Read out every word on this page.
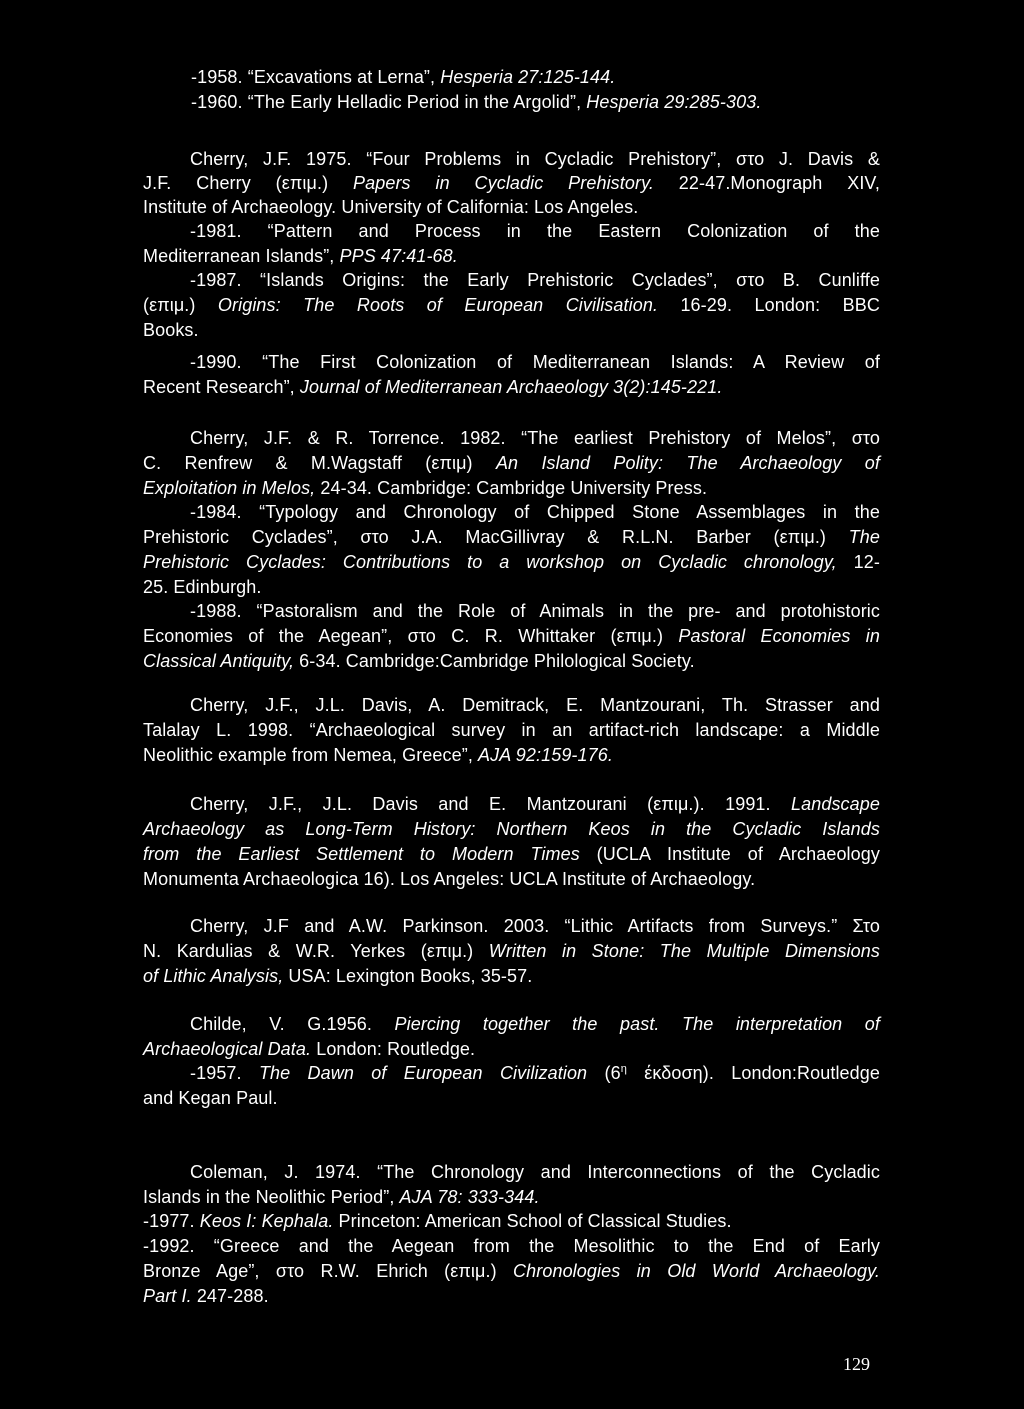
-1958. “Excavations at Lerna”, Hesperia 27:125-144.
-1960. “The Early Helladic Period in the Argolid”, Hesperia 29:285-303.
Cherry, J.F. 1975. “Four Problems in Cycladic Prehistory”, στο J. Davis &
J.F. Cherry (επιμ.) Papers in Cycladic Prehistory. 22-47.Monograph XIV,
Institute of Archaeology. University of California: Los Angeles.
-1981. “Pattern and Process in the Eastern Colonization of the
Mediterranean Islands”, PPS 47:41-68.
-1987. “Islands Origins: the Early Prehistoric Cyclades”, στο B. Cunliffe
(επιμ.) Origins: The Roots of European Civilisation. 16-29. London: BBC
Books.
-1990. “The First Colonization of Mediterranean Islands: A Review of
Recent Research”, Journal of Mediterranean Archaeology 3(2):145-221.
Cherry, J.F. & R. Torrence. 1982. “The earliest Prehistory of Melos”, στο
C. Renfrew & M.Wagstaff (επιμ) An Island Polity: The Archaeology of
Exploitation in Melos, 24-34. Cambridge: Cambridge University Press.
-1984. “Typology and Chronology of Chipped Stone Assemblages in the
Prehistoric Cyclades”, στο J.A. MacGillivray & R.L.N. Barber (επιμ.) The
Prehistoric Cyclades: Contributions to a workshop on Cycladic chronology, 12-
25. Edinburgh.
-1988. “Pastoralism and the Role of Animals in the pre- and protohistoric
Economies of the Aegean”, στο C. R. Whittaker (επιμ.) Pastoral Economies in
Classical Antiquity, 6-34. Cambridge:Cambridge Philological Society.
Cherry, J.F., J.L. Davis, A. Demitrack, E. Mantzourani, Th. Strasser and
Talalay L. 1998. “Archaeological survey in an artifact-rich landscape: a Middle
Neolithic example from Nemea, Greece”, AJA 92:159-176.
Cherry, J.F., J.L. Davis and E. Mantzourani (επιμ.). 1991. Landscape
Archaeology as Long-Term History: Northern Keos in the Cycladic Islands
from the Earliest Settlement to Modern Times (UCLA Institute of Archaeology
Monumenta Archaeologica 16). Los Angeles: UCLA Institute of Archaeology.
Cherry, J.F and A.W. Parkinson. 2003. “Lithic Artifacts from Surveys.” Στο
N. Kardulias & W.R. Yerkes (επιμ.) Written in Stone: The Multiple Dimensions
of Lithic Analysis, USA: Lexington Books, 35-57.
Childe, V. G.1956. Piercing together the past. The interpretation of
Archaeological Data. London: Routledge.
-1957. The Dawn of European Civilization ($6^\eta$ έκδοση). London:Routledge
and Kegan Paul.
Coleman, J. 1974. “The Chronology and Interconnections of the Cycladic
Islands in the Neolithic Period”, AJA 78: 333-344.
-1977. Keos I: Kephala. Princeton: American School of Classical Studies.
-1992. “Greece and the Aegean from the Mesolithic to the End of Early
Bronze Age”, στο R.W. Ehrich (επιμ.) Chronologies in Old World Archaeology.
Part I. 247-288.
129
